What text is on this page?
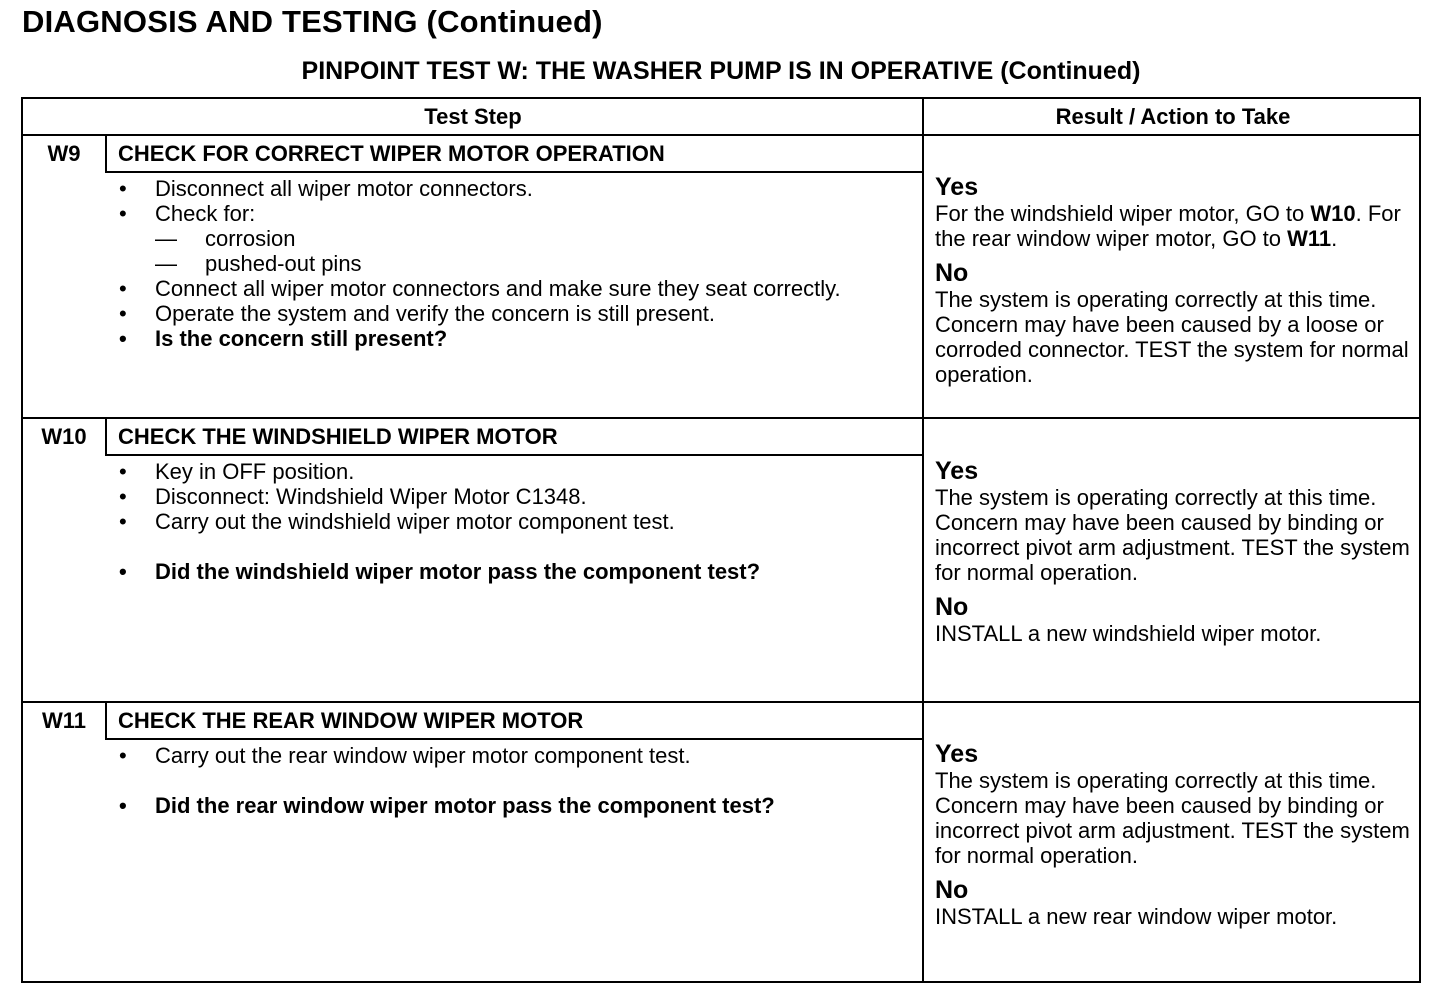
DIAGNOSIS AND TESTING (Continued)
PINPOINT TEST W: THE WASHER PUMP IS IN OPERATIVE (Continued)
Test Step	Result / Action to Take
W9	CHECK FOR CORRECT WIPER MOTOR OPERATION
• Disconnect all wiper motor connectors.
• Check for:
— corrosion
— pushed-out pins
• Connect all wiper motor connectors and make sure they seat correctly.
• Operate the system and verify the concern is still present.
• Is the concern still present?
Yes
For the windshield wiper motor, GO to W10. For the rear window wiper motor, GO to W11.
No
The system is operating correctly at this time. Concern may have been caused by a loose or corroded connector. TEST the system for normal operation.
W10	CHECK THE WINDSHIELD WIPER MOTOR
• Key in OFF position.
• Disconnect: Windshield Wiper Motor C1348.
• Carry out the windshield wiper motor component test.
• Did the windshield wiper motor pass the component test?
Yes
The system is operating correctly at this time. Concern may have been caused by binding or incorrect pivot arm adjustment. TEST the system for normal operation.
No
INSTALL a new windshield wiper motor.
W11	CHECK THE REAR WINDOW WIPER MOTOR
• Carry out the rear window wiper motor component test.
• Did the rear window wiper motor pass the component test?
Yes
The system is operating correctly at this time. Concern may have been caused by binding or incorrect pivot arm adjustment. TEST the system for normal operation.
No
INSTALL a new rear window wiper motor.
